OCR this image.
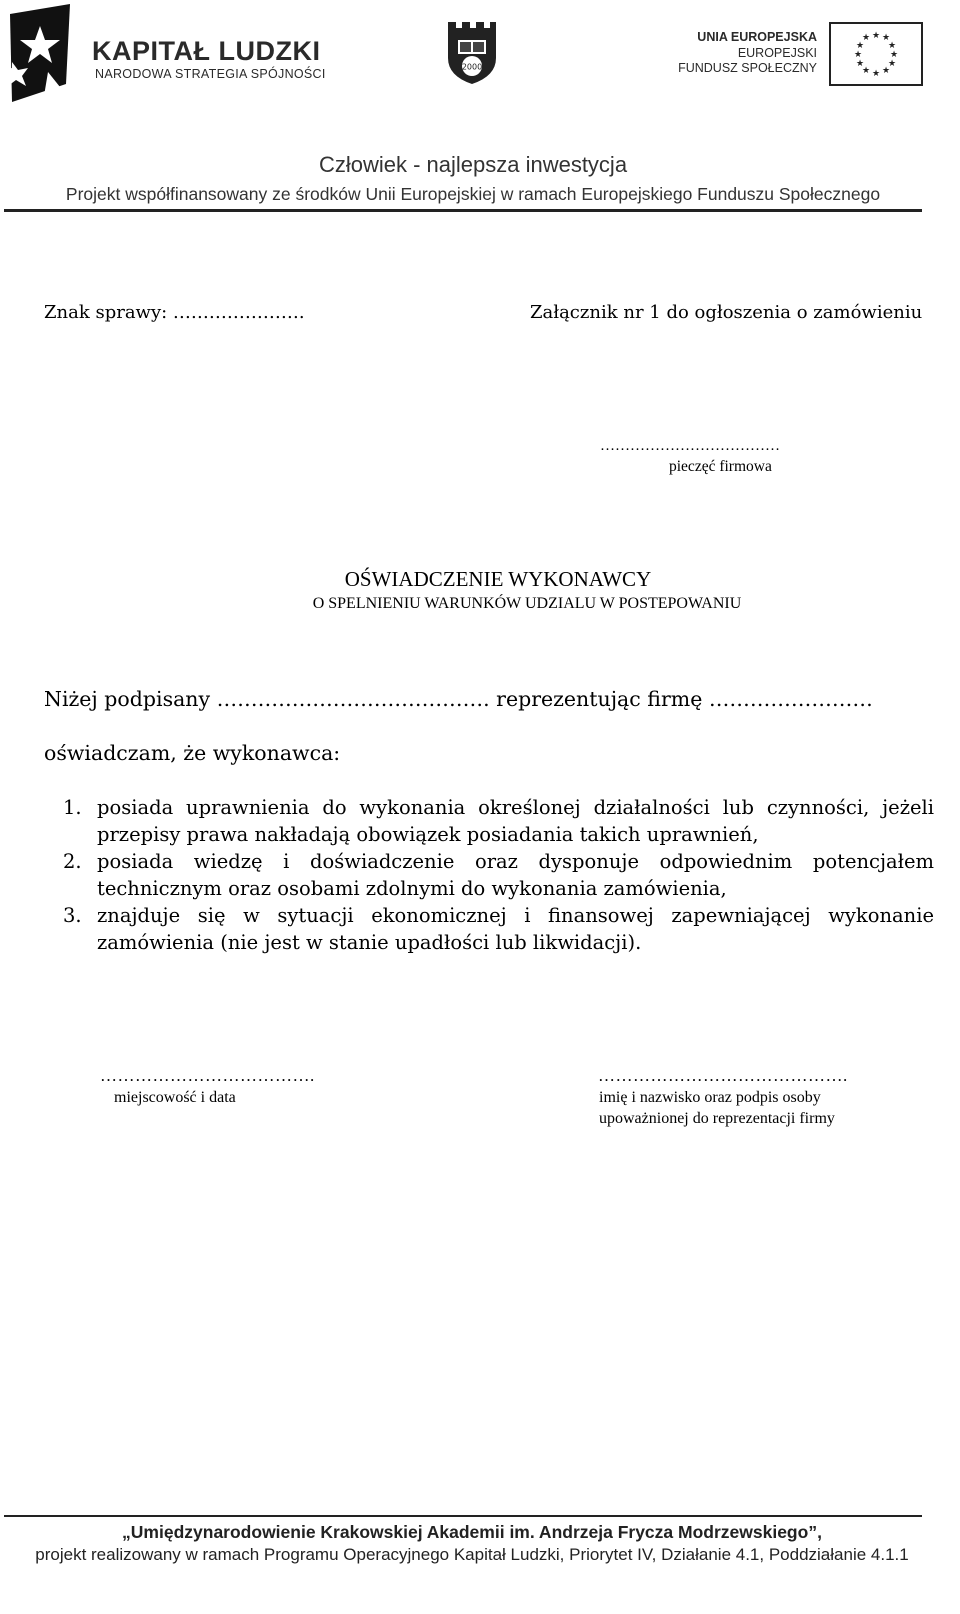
KAPITAŁ LUDZKI
NARODOWA STRATEGIA SPÓJNOŚCI	2000
UNIA EUROPEJSKA
EUROPEJSKI
FUNDUSZ SPOŁECZNY
★ ★
★
★
★
★
★
★
★
★
★
★
Człowiek - najlepsza inwestycja
Projekt współfinansowany ze środków Unii Europejskiej w ramach Europejskiego Funduszu Społecznego
Znak sprawy: ………………….	Załącznik nr 1 do ogłoszenia o zamówieniu
………………………………
pieczęć firmowa
OŚWIADCZENIE WYKONAWCY
O SPELNIENIU WARUNKÓW UDZIALU W POSTEPOWANIU
Niżej podpisany …………………………………. reprezentując firmę ……………………
oświadczam, że wykonawca:
1. posiada uprawnienia do wykonania określonej działalności lub czynności, jeżeli przepisy prawa nakładają obowiązek posiadania takich uprawnień,
2. posiada wiedzę i doświadczenie oraz dysponuje odpowiednim potencjałem technicznym oraz osobami zdolnymi do wykonania zamówienia,
3. znajduje się w sytuacji ekonomicznej i finansowej zapewniającej wykonanie zamówienia (nie jest w stanie upadłości lub likwidacji).
……………………………….
miejscowość i data
…………………………………….
imię i nazwisko oraz podpis osoby
upoważnionej do reprezentacji firmy
„Umiędzynarodowienie Krakowskiej Akademii im. Andrzeja Frycza Modrzewskiego”,
projekt realizowany w ramach Programu Operacyjnego Kapitał Ludzki, Priorytet IV, Działanie 4.1, Poddziałanie 4.1.1
